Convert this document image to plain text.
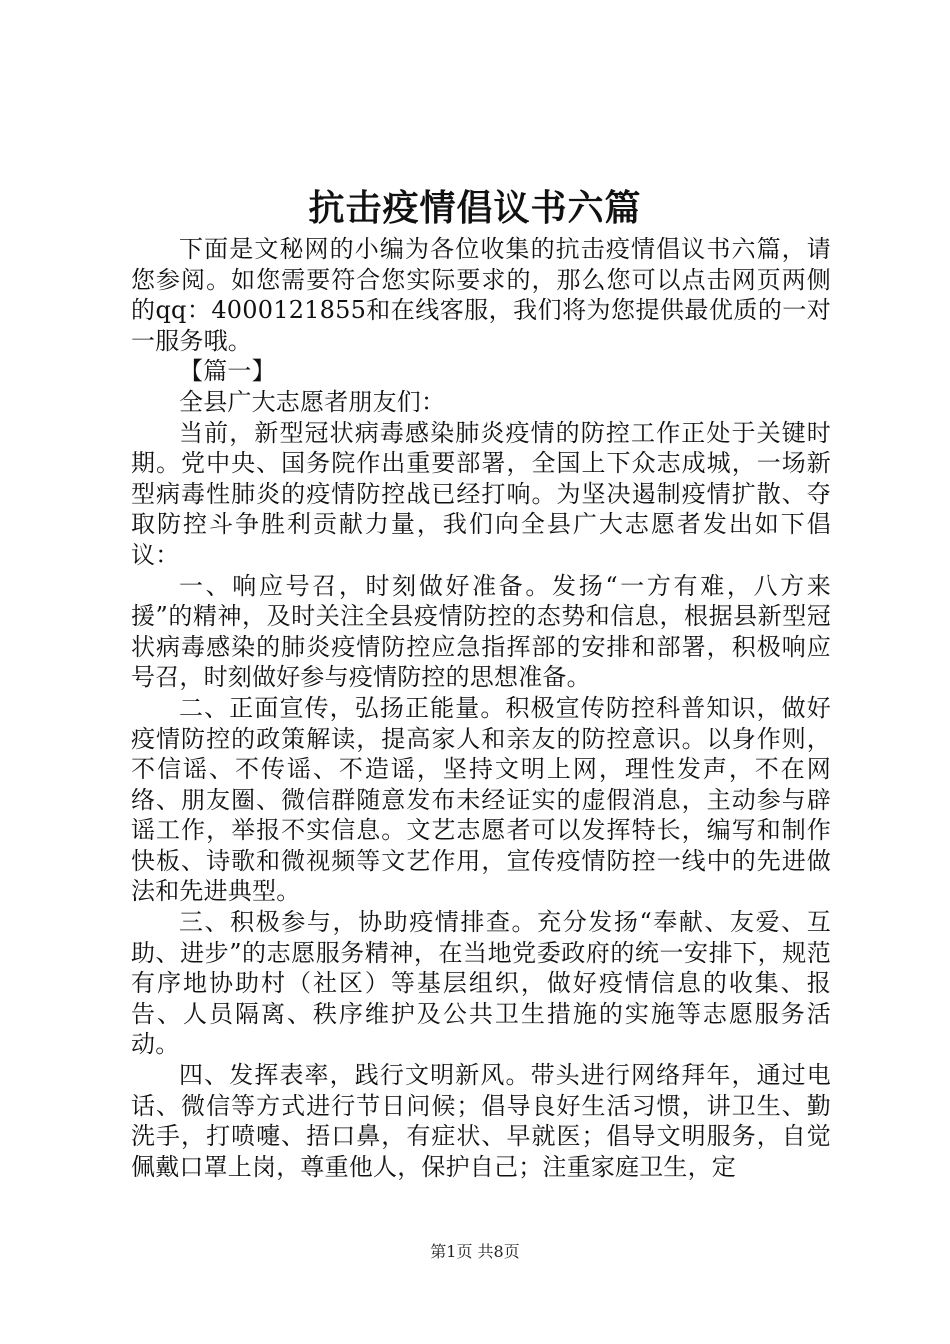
抗击疫情倡议书六篇

下面是文秘网的小编为各位收集的抗击疫情倡议书六篇，请您参阅。如您需要符合您实际要求的，那么您可以点击网页两侧的qq：4000121855和在线客服，我们将为您提供最优质的一对一服务哦。

【篇一】

全县广大志愿者朋友们：

当前，新型冠状病毒感染肺炎疫情的防控工作正处于关键时期。党中央、国务院作出重要部署，全国上下众志成城，一场新型病毒性肺炎的疫情防控战已经打响。为坚决遏制疫情扩散、夺取防控斗争胜利贡献力量，我们向全县广大志愿者发出如下倡议：

一、响应号召，时刻做好准备。发扬“一方有难，八方来援”的精神，及时关注全县疫情防控的态势和信息，根据县新型冠状病毒感染的肺炎疫情防控应急指挥部的安排和部署，积极响应号召，时刻做好参与疫情防控的思想准备。

二、正面宣传，弘扬正能量。积极宣传防控科普知识，做好疫情防控的政策解读，提高家人和亲友的防控意识。以身作则，不信谣、不传谣、不造谣，坚持文明上网，理性发声，不在网络、朋友圈、微信群随意发布未经证实的虚假消息，主动参与辟谣工作，举报不实信息。文艺志愿者可以发挥特长，编写和制作快板、诗歌和微视频等文艺作用，宣传疫情防控一线中的先进做法和先进典型。

三、积极参与，协助疫情排查。充分发扬“奉献、友爱、互助、进步”的志愿服务精神，在当地党委政府的统一安排下，规范有序地协助村（社区）等基层组织，做好疫情信息的收集、报告、人员隔离、秩序维护及公共卫生措施的实施等志愿服务活动。

四、发挥表率，践行文明新风。带头进行网络拜年，通过电话、微信等方式进行节日问候；倡导良好生活习惯，讲卫生、勤洗手，打喷嚏、捂口鼻，有症状、早就医；倡导文明服务，自觉佩戴口罩上岗，尊重他人，保护自己；注重家庭卫生，定

第1页 共8页
